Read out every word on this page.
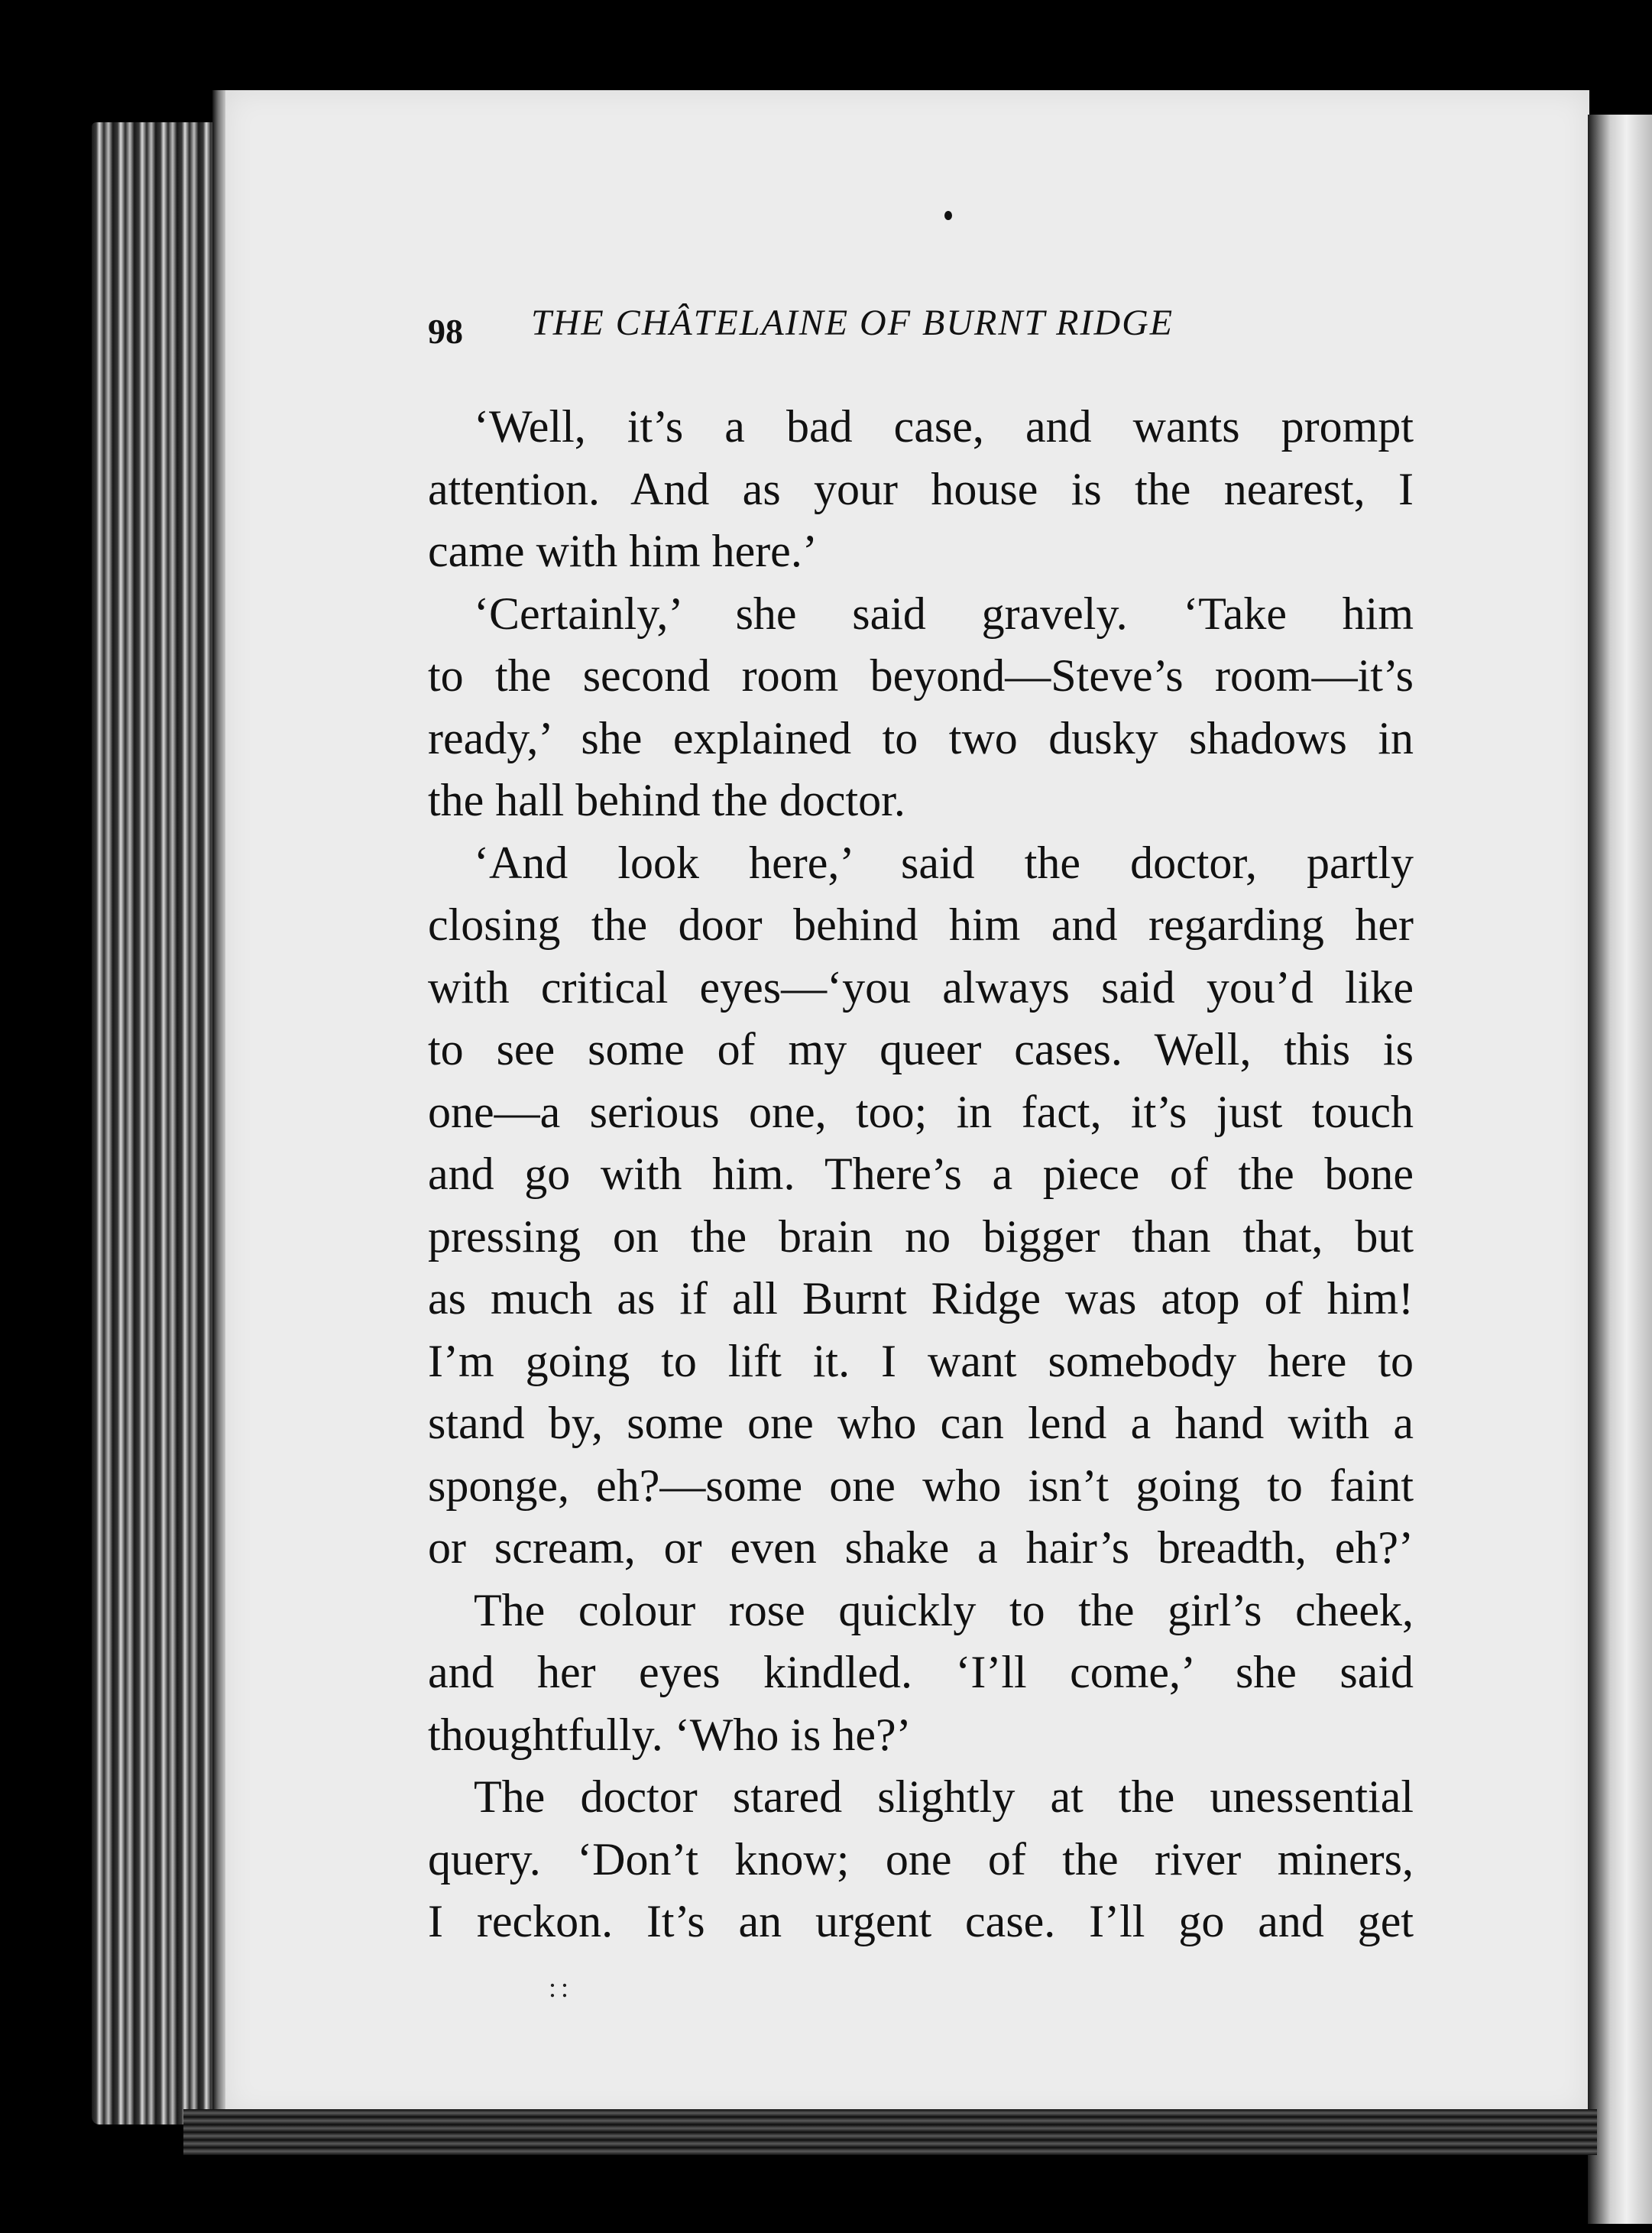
98 THE CHÂTELAINE OF BURNT RIDGE
‘Well, it’s a bad case, and wants prompt
attention. And as your house is the nearest, I
came with him here.’
‘Certainly,’ she said gravely. ‘Take him
to the second room beyond—Steve’s room—it’s
ready,’ she explained to two dusky shadows in
the hall behind the doctor.
‘And look here,’ said the doctor, partly
closing the door behind him and regarding her
with critical eyes—‘you always said you’d like
to see some of my queer cases. Well, this is
one—a serious one, too; in fact, it’s just touch
and go with him. There’s a piece of the bone
pressing on the brain no bigger than that, but
as much as if all Burnt Ridge was atop of him!
I’m going to lift it. I want somebody here to
stand by, some one who can lend a hand with a
sponge, eh?—some one who isn’t going to faint
or scream, or even shake a hair’s breadth, eh?’
The colour rose quickly to the girl’s cheek,
and her eyes kindled. ‘I’ll come,’ she said
thoughtfully. ‘Who is he?’
The doctor stared slightly at the unessential
query. ‘Don’t know; one of the river miners,
I reckon. It’s an urgent case. I’ll go and get
::
